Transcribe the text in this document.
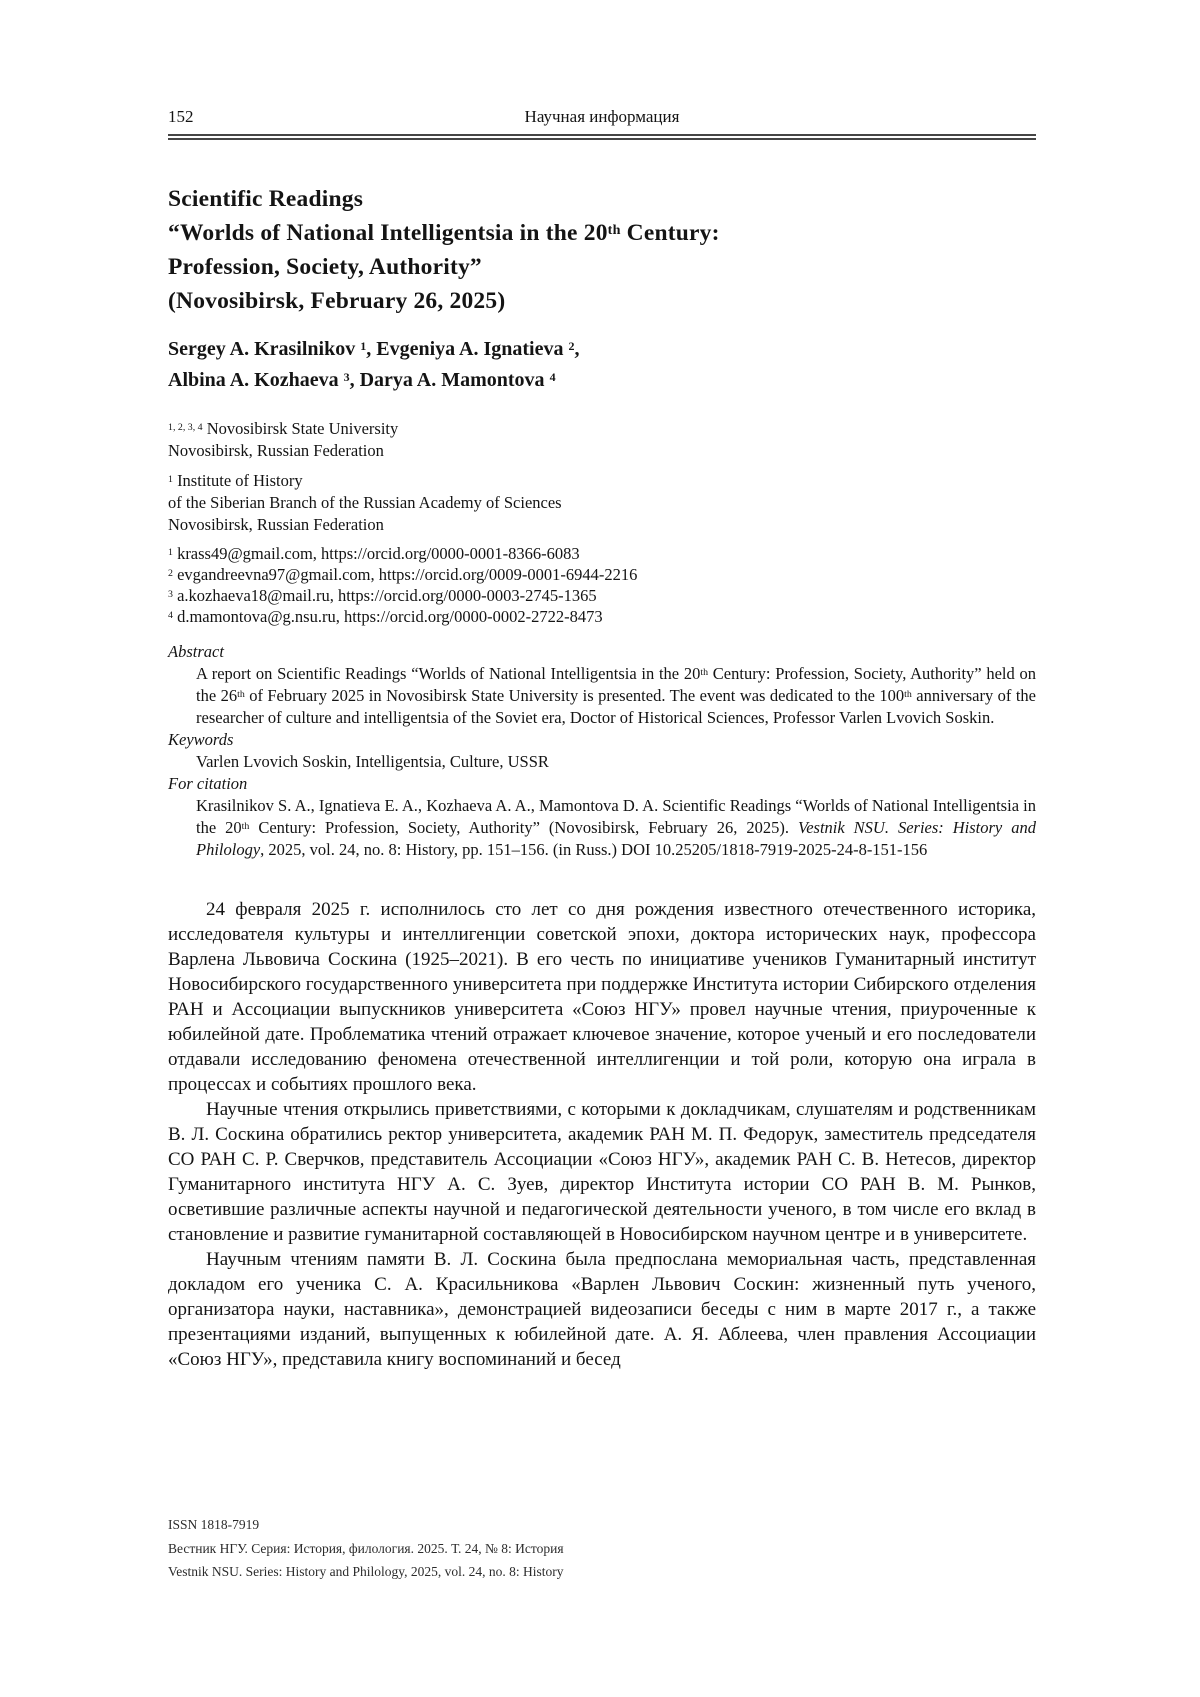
152	Научная информация
Scientific Readings
“Worlds of National Intelligentsia in the 20th Century:
Profession, Society, Authority”
(Novosibirsk, February 26, 2025)
Sergey A. Krasilnikov $^1$, Evgeniya A. Ignatieva $^2$,
Albina A. Kozhaeva $^3$, Darya A. Mamontova $^4$
$^{1, 2, 3, 4}$ Novosibirsk State University
Novosibirsk, Russian Federation
$^1$ Institute of History
of the Siberian Branch of the Russian Academy of Sciences
Novosibirsk, Russian Federation
$^1$ krass49@gmail.com, https://orcid.org/0000-0001-8366-6083
$^2$ evgandreevna97@gmail.com, https://orcid.org/0009-0001-6944-2216
$^3$ a.kozhaeva18@mail.ru, https://orcid.org/0000-0003-2745-1365
$^4$ d.mamontova@g.nsu.ru, https://orcid.org/0000-0002-2722-8473
Abstract
A report on Scientific Readings “Worlds of National Intelligentsia in the 20th Century: Profession, Society, Authority” held on the 26th of February 2025 in Novosibirsk State University is presented. The event was dedicated to the 100th anniversary of the researcher of culture and intelligentsia of the Soviet era, Doctor of Historical Sciences, Professor Varlen Lvovich Soskin.
Keywords
Varlen Lvovich Soskin, Intelligentsia, Culture, USSR
For citation
Krasilnikov S. A., Ignatieva E. A., Kozhaeva A. A., Mamontova D. A. Scientific Readings “Worlds of National Intelligentsia in the 20th Century: Profession, Society, Authority” (Novosibirsk, February 26, 2025). Vestnik NSU. Series: History and Philology, 2025, vol. 24, no. 8: History, pp. 151–156. (in Russ.) DOI 10.25205/1818-7919-2025-24-8-151-156

24 февраля 2025 г. исполнилось сто лет со дня рождения известного отечественного историка, исследователя культуры и интеллигенции советской эпохи, доктора исторических наук, профессора Варлена Львовича Соскина (1925–2021). В его честь по инициативе учеников Гуманитарный институт Новосибирского государственного университета при поддержке Института истории Сибирского отделения РАН и Ассоциации выпускников университета «Союз НГУ» провел научные чтения, приуроченные к юбилейной дате. Проблематика чтений отражает ключевое значение, которое ученый и его последователи отдавали исследованию феномена отечественной интеллигенции и той роли, которую она играла в процессах и событиях прошлого века.

Научные чтения открылись приветствиями, с которыми к докладчикам, слушателям и родственникам В. Л. Соскина обратились ректор университета, академик РАН М. П. Федорук, заместитель председателя СО РАН С. Р. Сверчков, представитель Ассоциации «Союз НГУ», академик РАН С. В. Нетесов, директор Гуманитарного института НГУ А. С. Зуев, директор Института истории СО РАН В. М. Рынков, осветившие различные аспекты научной и педагогической деятельности ученого, в том числе его вклад в становление и развитие гуманитарной составляющей в Новосибирском научном центре и в университете.

Научным чтениям памяти В. Л. Соскина была предпослана мемориальная часть, представленная докладом его ученика С. А. Красильникова «Варлен Львович Соскин: жизненный путь ученого, организатора науки, наставника», демонстрацией видеозаписи беседы с ним в марте 2017 г., а также презентациями изданий, выпущенных к юбилейной дате. А. Я. Аблеева, член правления Ассоциации «Союз НГУ», представила книгу воспоминаний и бесед

ISSN 1818-7919
Вестник НГУ. Серия: История, филология. 2025. Т. 24, № 8: История
Vestnik NSU. Series: History and Philology, 2025, vol. 24, no. 8: History
